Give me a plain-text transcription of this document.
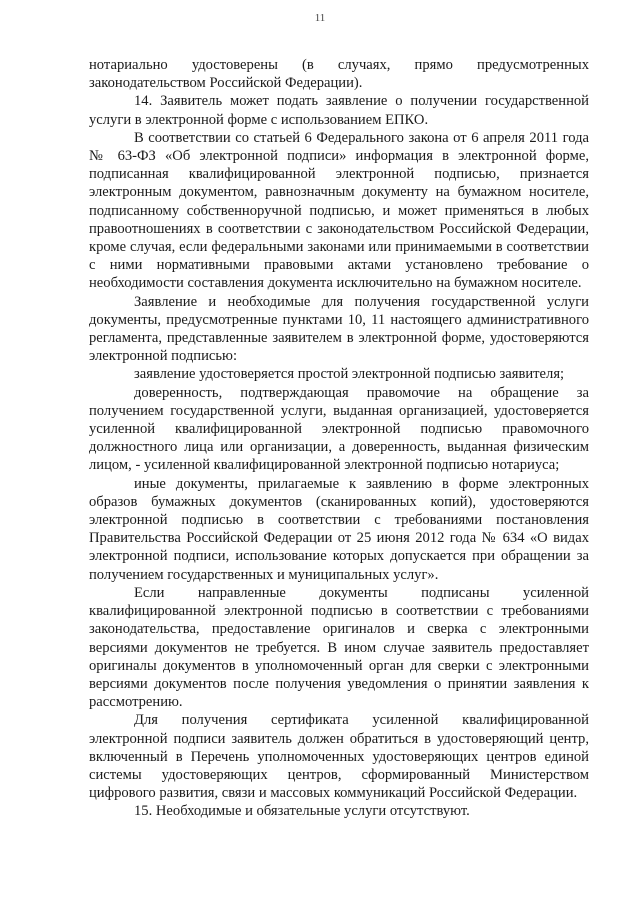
11

нотариально удостоверены (в случаях, прямо предусмотренных законодательством Российской Федерации).

14. Заявитель может подать заявление о получении государственной услуги в электронной форме с использованием ЕПКО.

В соответствии со статьей 6 Федерального закона от 6 апреля 2011 года № 63-ФЗ «Об электронной подписи» информация в электронной форме, подписанная квалифицированной электронной подписью, признается электронным документом, равнозначным документу на бумажном носителе, подписанному собственноручной подписью, и может применяться в любых правоотношениях в соответствии с законодательством Российской Федерации, кроме случая, если федеральными законами или принимаемыми в соответствии с ними нормативными правовыми актами установлено требование о необходимости составления документа исключительно на бумажном носителе.

Заявление и необходимые для получения государственной услуги документы, предусмотренные пунктами 10, 11 настоящего административного регламента, представленные заявителем в электронной форме, удостоверяются электронной подписью:

заявление удостоверяется простой электронной подписью заявителя;

доверенность, подтверждающая правомочие на обращение за получением государственной услуги, выданная организацией, удостоверяется усиленной квалифицированной электронной подписью правомочного должностного лица или организации, а доверенность, выданная физическим лицом, - усиленной квалифицированной электронной подписью нотариуса;

иные документы, прилагаемые к заявлению в форме электронных образов бумажных документов (сканированных копий), удостоверяются электронной подписью в соответствии с требованиями постановления Правительства Российской Федерации от 25 июня 2012 года № 634 «О видах электронной подписи, использование которых допускается при обращении за получением государственных и муниципальных услуг».

Если направленные документы подписаны усиленной квалифицированной электронной подписью в соответствии с требованиями законодательства, предоставление оригиналов и сверка с электронными версиями документов не требуется. В ином случае заявитель предоставляет оригиналы документов в уполномоченный орган для сверки с электронными версиями документов после получения уведомления о принятии заявления к рассмотрению.

Для получения сертификата усиленной квалифицированной электронной подписи заявитель должен обратиться в удостоверяющий центр, включенный в Перечень уполномоченных удостоверяющих центров единой системы удостоверяющих центров, сформированный Министерством цифрового развития, связи и массовых коммуникаций Российской Федерации.

15. Необходимые и обязательные услуги отсутствуют.
